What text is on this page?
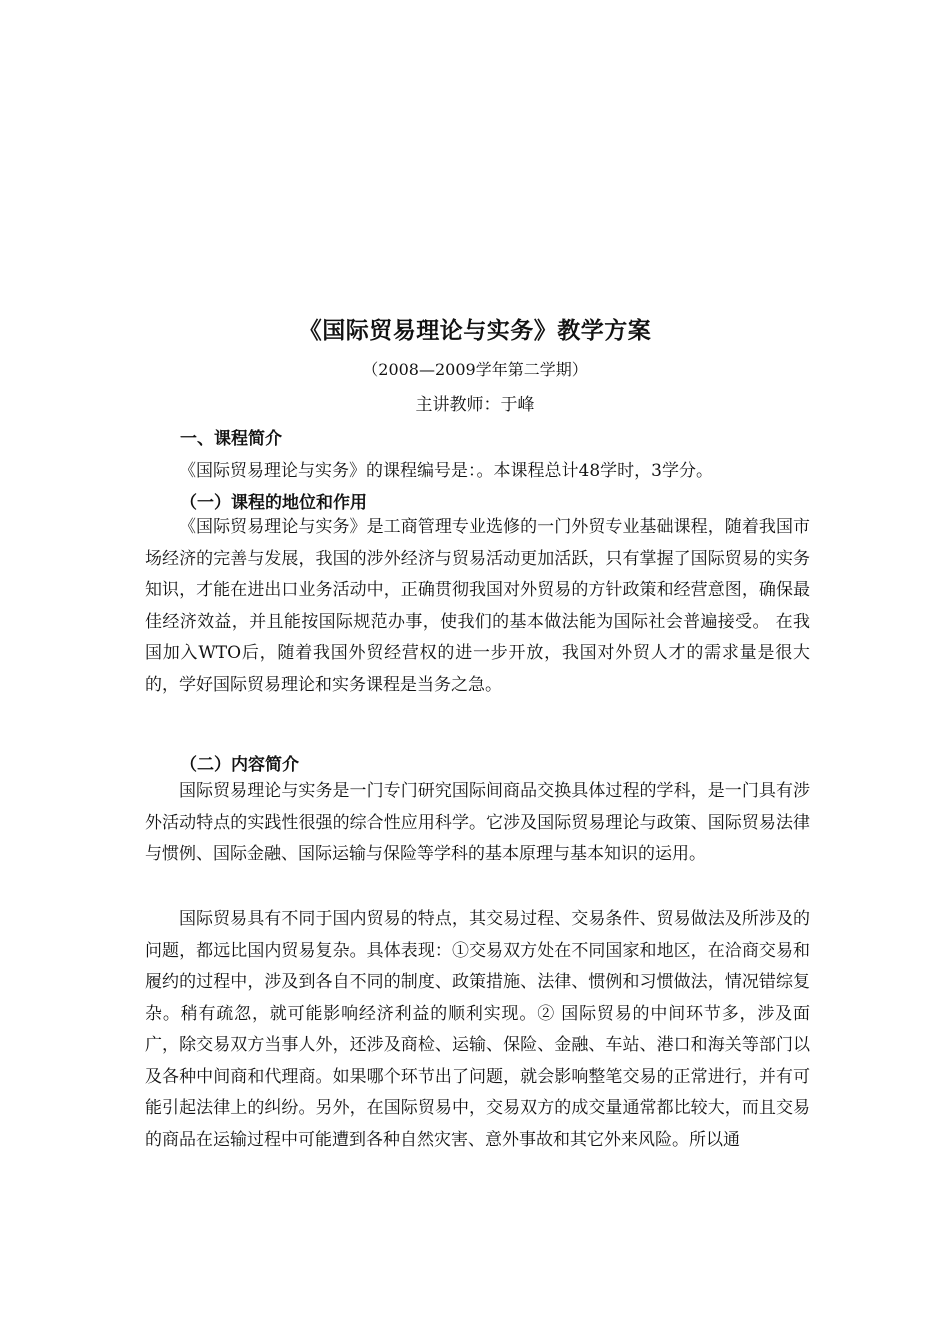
《国际贸易理论与实务》教学方案
（2008—2009学年第二学期）
主讲教师：于峰
一、课程简介
《国际贸易理论与实务》的课程编号是：。本课程总计48学时，3学分。
（一）课程的地位和作用
《国际贸易理论与实务》是工商管理专业选修的一门外贸专业基础课程，随着我国市场经济的完善与发展，我国的涉外经济与贸易活动更加活跃，只有掌握了国际贸易的实务知识，才能在进出口业务活动中，正确贯彻我国对外贸易的方针政策和经营意图，确保最佳经济效益，并且能按国际规范办事，使我们的基本做法能为国际社会普遍接受。 在我国加入WTO后，随着我国外贸经营权的进一步开放，我国对外贸人才的需求量是很大的，学好国际贸易理论和实务课程是当务之急。
（二）内容简介
国际贸易理论与实务是一门专门研究国际间商品交换具体过程的学科，是一门具有涉外活动特点的实践性很强的综合性应用科学。它涉及国际贸易理论与政策、国际贸易法律与惯例、国际金融、国际运输与保险等学科的基本原理与基本知识的运用。
国际贸易具有不同于国内贸易的特点，其交易过程、交易条件、贸易做法及所涉及的问题，都远比国内贸易复杂。具体表现：①交易双方处在不同国家和地区，在洽商交易和履约的过程中，涉及到各自不同的制度、政策措施、法律、惯例和习惯做法，情况错综复杂。稍有疏忽，就可能影响经济利益的顺利实现。② 国际贸易的中间环节多，涉及面广，除交易双方当事人外，还涉及商检、运输、保险、金融、车站、港口和海关等部门以及各种中间商和代理商。如果哪个环节出了问题，就会影响整笔交易的正常进行，并有可能引起法律上的纠纷。另外，在国际贸易中，交易双方的成交量通常都比较大，而且交易的商品在运输过程中可能遭到各种自然灾害、意外事故和其它外来风险。所以通
